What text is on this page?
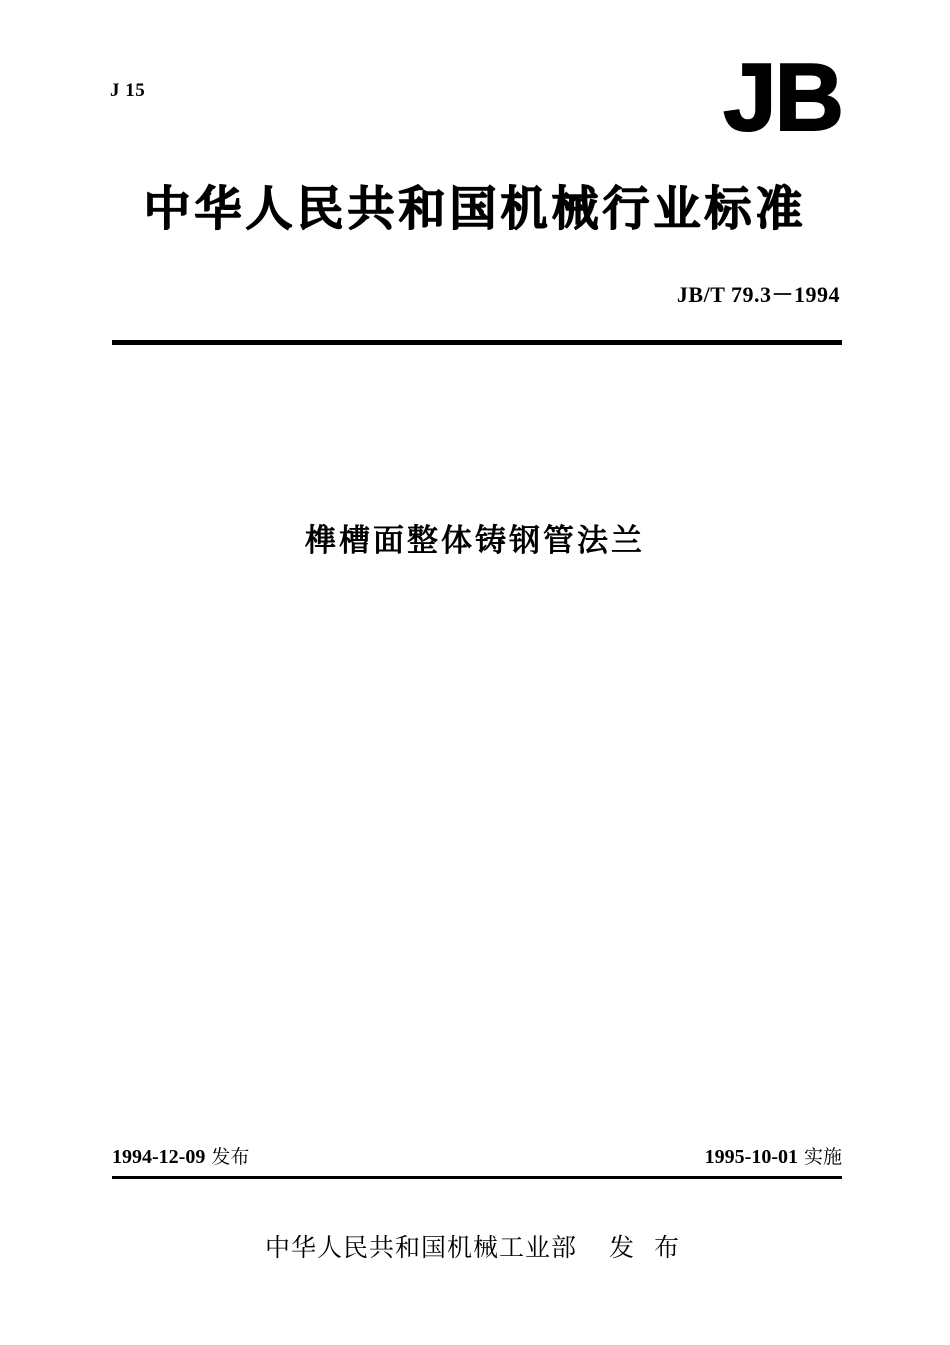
J 15	JB
中华人民共和国机械行业标准
JB/T 79.3－1994
榫槽面整体铸钢管法兰
1994-12-09 发布	1995-10-01 实施
中华人民共和国机械工业部 发 布
